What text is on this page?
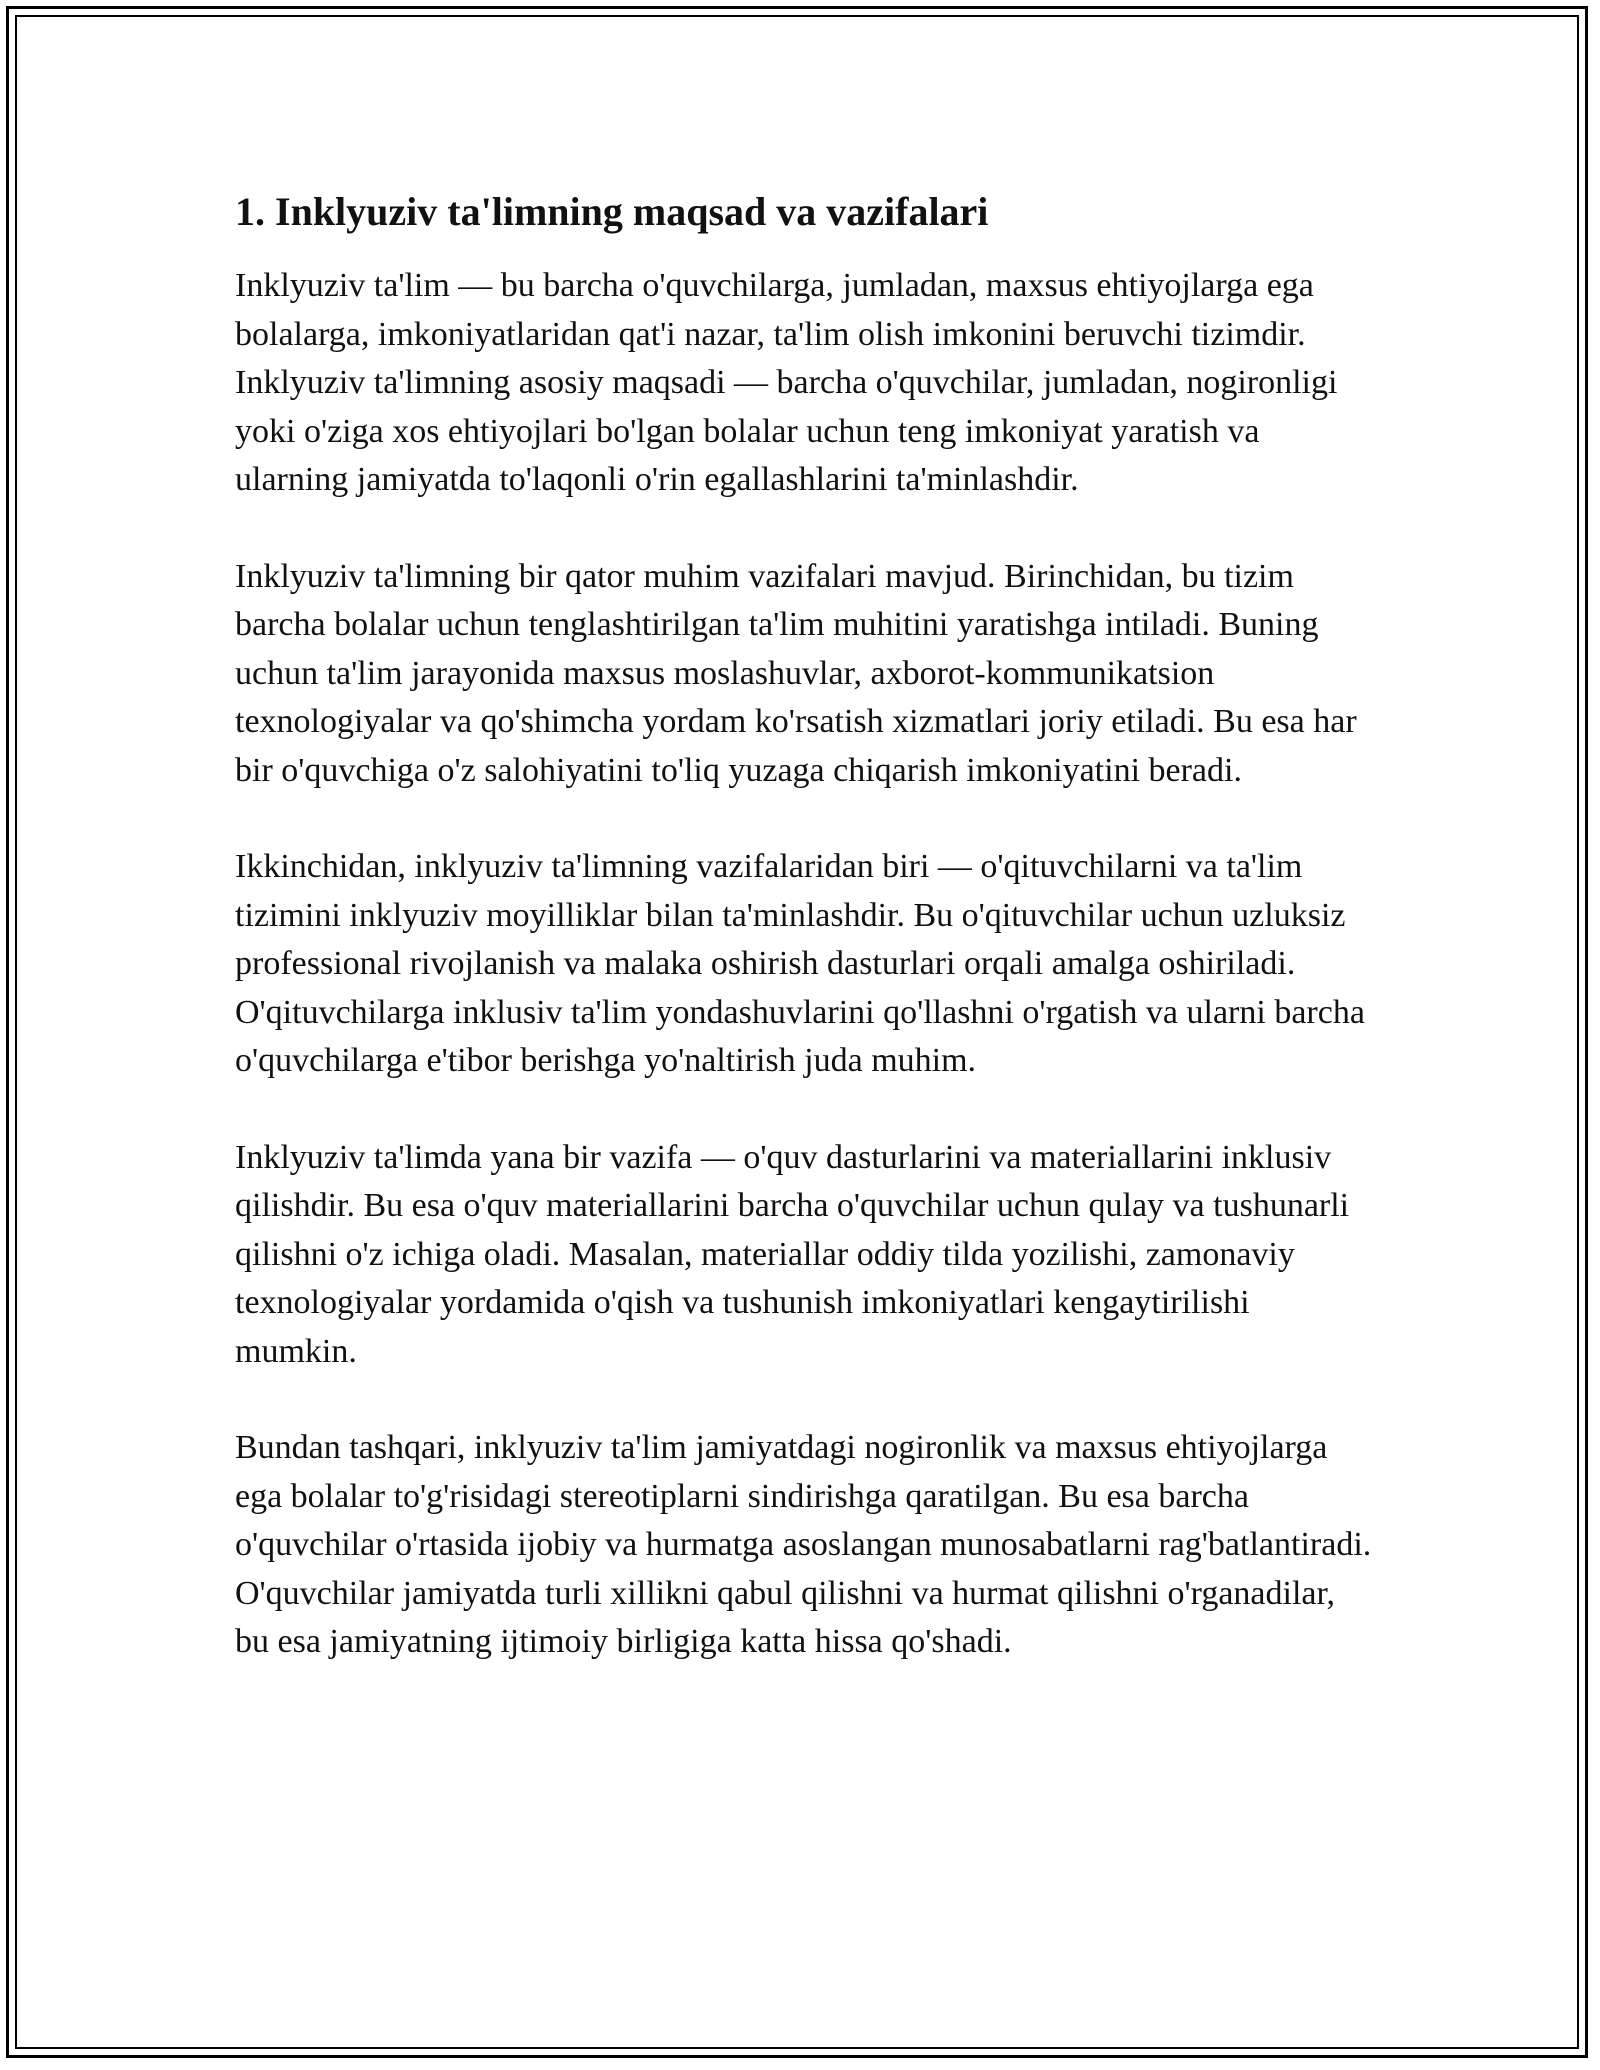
1. Inklyuziv ta'limning maqsad va vazifalari

Inklyuziv ta'lim — bu barcha o'quvchilarga, jumladan, maxsus ehtiyojlarga ega bolalarga, imkoniyatlaridan qat'i nazar, ta'lim olish imkonini beruvchi tizimdir. Inklyuziv ta'limning asosiy maqsadi — barcha o'quvchilar, jumladan, nogironligi yoki o'ziga xos ehtiyojlari bo'lgan bolalar uchun teng imkoniyat yaratish va ularning jamiyatda to'laqonli o'rin egallashlarini ta'minlashdir.

Inklyuziv ta'limning bir qator muhim vazifalari mavjud. Birinchidan, bu tizim barcha bolalar uchun tenglashtirilgan ta'lim muhitini yaratishga intiladi. Buning uchun ta'lim jarayonida maxsus moslashuvlar, axborot-kommunikatsion texnologiyalar va qo'shimcha yordam ko'rsatish xizmatlari joriy etiladi. Bu esa har bir o'quvchiga o'z salohiyatini to'liq yuzaga chiqarish imkoniyatini beradi.

Ikkinchidan, inklyuziv ta'limning vazifalaridan biri — o'qituvchilarni va ta'lim tizimini inklyuziv moyilliklar bilan ta'minlashdir. Bu o'qituvchilar uchun uzluksiz professional rivojlanish va malaka oshirish dasturlari orqali amalga oshiriladi. O'qituvchilarga inklusiv ta'lim yondashuvlarini qo'llashni o'rgatish va ularni barcha o'quvchilarga e'tibor berishga yo'naltirish juda muhim.

Inklyuziv ta'limda yana bir vazifa — o'quv dasturlarini va materiallarini inklusiv qilishdir. Bu esa o'quv materiallarini barcha o'quvchilar uchun qulay va tushunarli qilishni o'z ichiga oladi. Masalan, materiallar oddiy tilda yozilishi, zamonaviy texnologiyalar yordamida o'qish va tushunish imkoniyatlari kengaytirilishi mumkin.

Bundan tashqari, inklyuziv ta'lim jamiyatdagi nogironlik va maxsus ehtiyojlarga ega bolalar to'g'risidagi stereotiplarni sindirishga qaratilgan. Bu esa barcha o'quvchilar o'rtasida ijobiy va hurmatga asoslangan munosabatlarni rag'batlantiradi. O'quvchilar jamiyatda turli xillikni qabul qilishni va hurmat qilishni o'rganadilar, bu esa jamiyatning ijtimoiy birligiga katta hissa qo'shadi.
